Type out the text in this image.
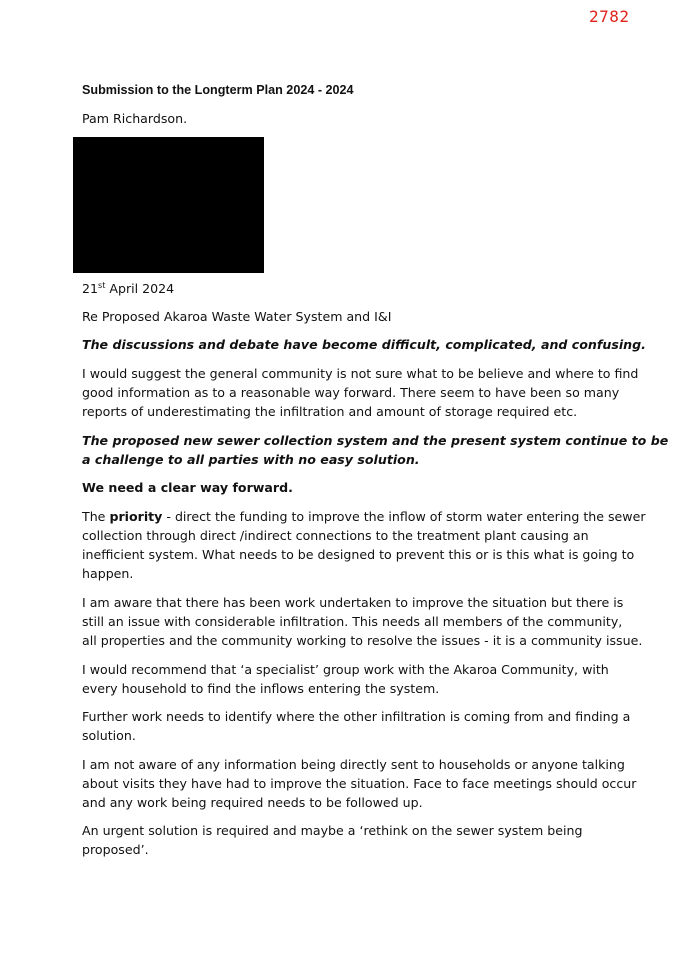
2782
Submission to the Longterm Plan 2024 - 2024
Pam Richardson.
21st April 2024
Re Proposed Akaroa Waste Water System and I&I
The discussions and debate have become difficult, complicated, and confusing.
I would suggest the general community is not sure what to be believe and where to find
good information as to a reasonable way forward. There seem to have been so many
reports of underestimating the infiltration and amount of storage required etc.
The proposed new sewer collection system and the present system continue to be
a challenge to all parties with no easy solution.
We need a clear way forward.
The priority - direct the funding to improve the inflow of storm water entering the sewer
collection through direct /indirect connections to the treatment plant causing an
inefficient system. What needs to be designed to prevent this or is this what is going to
happen.
I am aware that there has been work undertaken to improve the situation but there is
still an issue with considerable infiltration. This needs all members of the community,
all properties and the community working to resolve the issues - it is a community issue.
I would recommend that ‘a specialist’ group work with the Akaroa Community, with
every household to find the inflows entering the system.
Further work needs to identify where the other infiltration is coming from and finding a
solution.
I am not aware of any information being directly sent to households or anyone talking
about visits they have had to improve the situation. Face to face meetings should occur
and any work being required needs to be followed up.
An urgent solution is required and maybe a ‘rethink on the sewer system being
proposed’.
